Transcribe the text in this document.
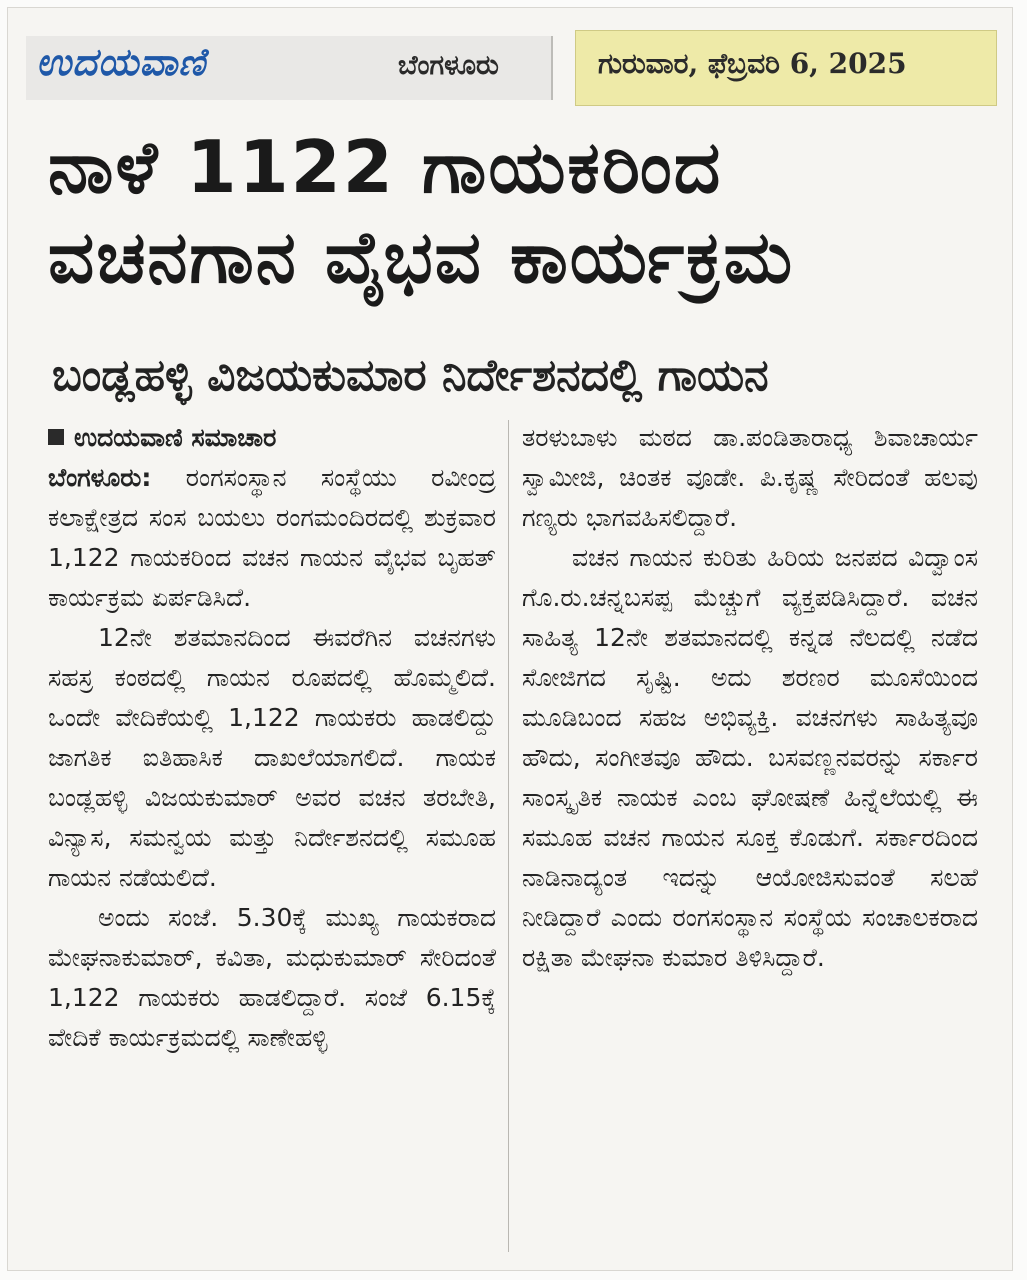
ಉದಯವಾಣಿ	ಬೆಂಗಳೂರು	ಗುರುವಾರ, ಫೆಬ್ರವರಿ 6, 2025
ನಾಳೆ 1122 ಗಾಯಕರಿಂದ
ವಚನಗಾನ ವೈಭವ ಕಾರ್ಯಕ್ರಮ
ಬಂಡ್ಲಹಳ್ಳಿ ವಿಜಯಕುಮಾರ ನಿರ್ದೇಶನದಲ್ಲಿ ಗಾಯನ

ಉದಯವಾಣಿ ಸಮಾಚಾರ

ಬೆಂಗಳೂರು: ರಂಗಸಂಸ್ಥಾನ ಸಂಸ್ಥೆಯು ರವೀಂದ್ರ ಕಲಾಕ್ಷೇತ್ರದ ಸಂಸ ಬಯಲು ರಂಗಮಂದಿರದಲ್ಲಿ ಶುಕ್ರವಾರ 1,122 ಗಾಯಕರಿಂದ ವಚನ ಗಾಯನ ವೈಭವ ಬೃಹತ್ ಕಾರ್ಯಕ್ರಮ ಏರ್ಪಡಿಸಿದೆ.

12ನೇ ಶತಮಾನದಿಂದ ಈವರೆಗಿನ ವಚನಗಳು ಸಹಸ್ರ ಕಂಠದಲ್ಲಿ ಗಾಯನ ರೂಪದಲ್ಲಿ ಹೊಮ್ಮಲಿದೆ. ಒಂದೇ ವೇದಿಕೆಯಲ್ಲಿ 1,122 ಗಾಯಕರು ಹಾಡಲಿದ್ದು ಜಾಗತಿಕ ಐತಿಹಾಸಿಕ ದಾಖಲೆಯಾಗಲಿದೆ. ಗಾಯಕ ಬಂಡ್ಲಹಳ್ಳಿ ವಿಜಯಕುಮಾರ್ ಅವರ ವಚನ ತರಬೇತಿ, ವಿನ್ಯಾಸ, ಸಮನ್ವಯ ಮತ್ತು ನಿರ್ದೇಶನದಲ್ಲಿ ಸಮೂಹ ಗಾಯನ ನಡೆಯಲಿದೆ.

ಅಂದು ಸಂಜೆ. 5.30ಕ್ಕೆ ಮುಖ್ಯ ಗಾಯಕರಾದ ಮೇಘನಾಕುಮಾರ್, ಕವಿತಾ, ಮಧುಕುಮಾರ್ ಸೇರಿದಂತೆ 1,122 ಗಾಯಕರು ಹಾಡಲಿದ್ದಾರೆ. ಸಂಜೆ 6.15ಕ್ಕೆ ವೇದಿಕೆ ಕಾರ್ಯಕ್ರಮದಲ್ಲಿ ಸಾಣೇಹಳ್ಳಿ

ತರಳುಬಾಳು ಮಠದ ಡಾ.ಪಂಡಿತಾರಾಧ್ಯ ಶಿವಾಚಾರ್ಯ ಸ್ವಾಮೀಜಿ, ಚಿಂತಕ ವೂಡೇ. ಪಿ.ಕೃಷ್ಣ ಸೇರಿದಂತೆ ಹಲವು ಗಣ್ಯರು ಭಾಗವಹಿಸಲಿದ್ದಾರೆ.

ವಚನ ಗಾಯನ ಕುರಿತು ಹಿರಿಯ ಜನಪದ ವಿದ್ವಾಂಸ ಗೊ.ರು.ಚನ್ನಬಸಪ್ಪ ಮೆಚ್ಚುಗೆ ವ್ಯಕ್ತಪಡಿಸಿದ್ದಾರೆ. ವಚನ ಸಾಹಿತ್ಯ 12ನೇ ಶತಮಾನದಲ್ಲಿ ಕನ್ನಡ ನೆಲದಲ್ಲಿ ನಡೆದ ಸೋಜಿಗದ ಸೃಷ್ಟಿ. ಅದು ಶರಣರ ಮೂಸೆಯಿಂದ ಮೂಡಿಬಂದ ಸಹಜ ಅಭಿವ್ಯಕ್ತಿ. ವಚನಗಳು ಸಾಹಿತ್ಯವೂ ಹೌದು, ಸಂಗೀತವೂ ಹೌದು. ಬಸವಣ್ಣನವರನ್ನು ಸರ್ಕಾರ ಸಾಂಸ್ಕೃತಿಕ ನಾಯಕ ಎಂಬ ಘೋಷಣೆ ಹಿನ್ನೆಲೆಯಲ್ಲಿ ಈ ಸಮೂಹ ವಚನ ಗಾಯನ ಸೂಕ್ತ ಕೊಡುಗೆ. ಸರ್ಕಾರದಿಂದ ನಾಡಿನಾದ್ಯಂತ ಇದನ್ನು ಆಯೋಜಿಸುವಂತೆ ಸಲಹೆ ನೀಡಿದ್ದಾರೆ ಎಂದು ರಂಗಸಂಸ್ಥಾನ ಸಂಸ್ಥೆಯ ಸಂಚಾಲಕರಾದ ರಕ್ಷಿತಾ ಮೇಘನಾ ಕುಮಾರ ತಿಳಿಸಿದ್ದಾರೆ.
